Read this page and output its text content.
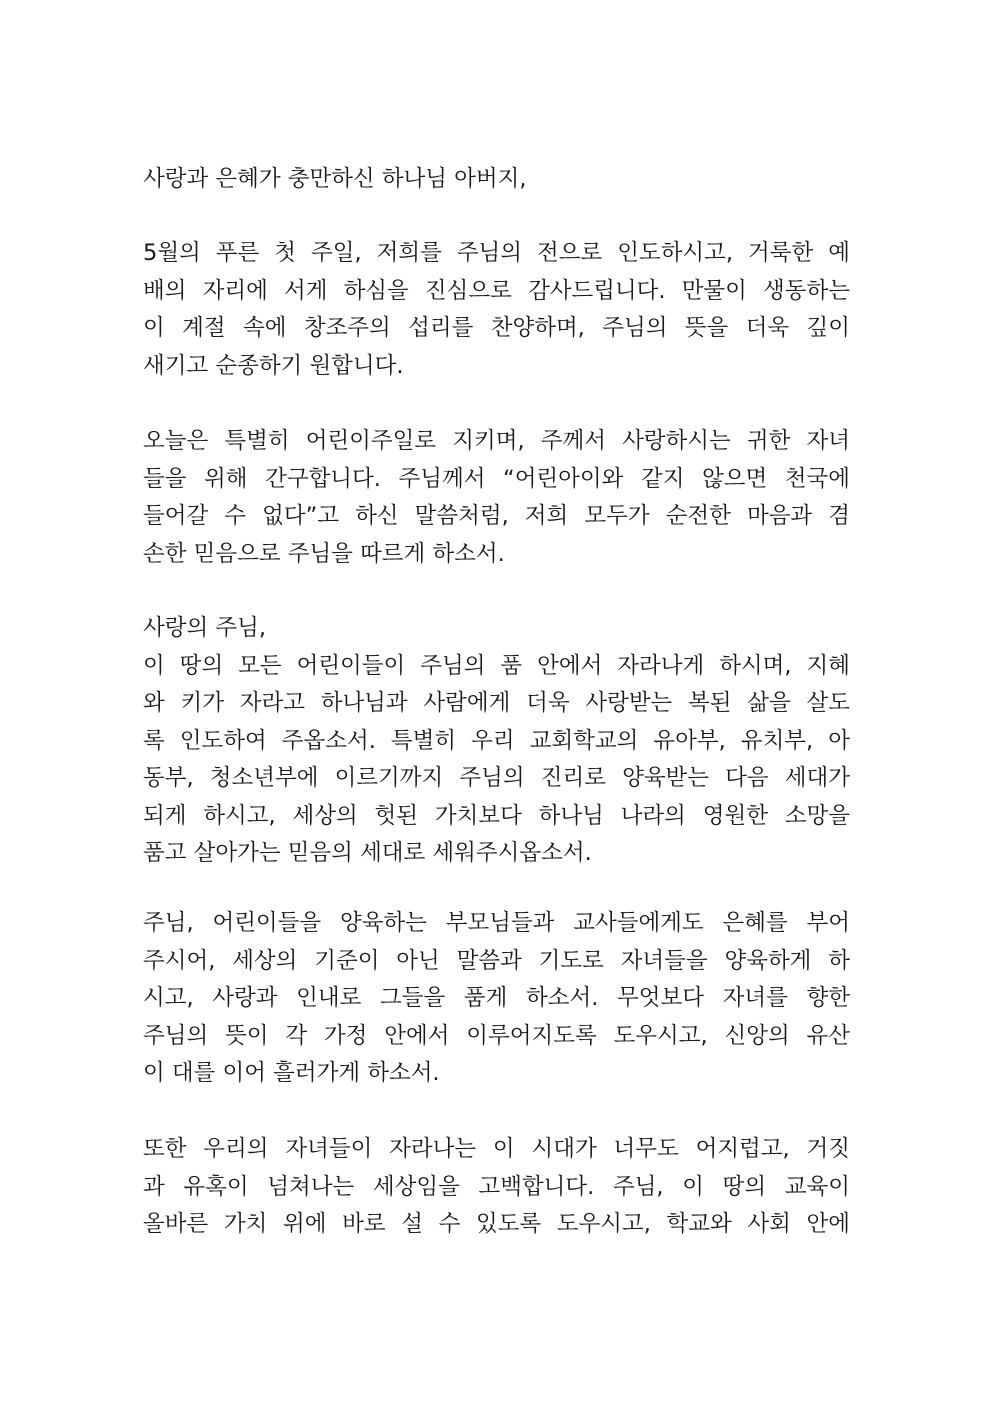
사랑과 은혜가 충만하신 하나님 아버지,
5월의 푸른 첫 주일, 저희를 주님의 전으로 인도하시고, 거룩한 예
배의 자리에 서게 하심을 진심으로 감사드립니다. 만물이 생동하는
이 계절 속에 창조주의 섭리를 찬양하며, 주님의 뜻을 더욱 깊이
새기고 순종하기 원합니다.
오늘은 특별히 어린이주일로 지키며, 주께서 사랑하시는 귀한 자녀
들을 위해 간구합니다. 주님께서 “어린아이와 같지 않으면 천국에
들어갈 수 없다”고 하신 말씀처럼, 저희 모두가 순전한 마음과 겸
손한 믿음으로 주님을 따르게 하소서.
사랑의 주님,
이 땅의 모든 어린이들이 주님의 품 안에서 자라나게 하시며, 지혜
와 키가 자라고 하나님과 사람에게 더욱 사랑받는 복된 삶을 살도
록 인도하여 주옵소서. 특별히 우리 교회학교의 유아부, 유치부, 아
동부, 청소년부에 이르기까지 주님의 진리로 양육받는 다음 세대가
되게 하시고, 세상의 헛된 가치보다 하나님 나라의 영원한 소망을
품고 살아가는 믿음의 세대로 세워주시옵소서.
주님, 어린이들을 양육하는 부모님들과 교사들에게도 은혜를 부어
주시어, 세상의 기준이 아닌 말씀과 기도로 자녀들을 양육하게 하
시고, 사랑과 인내로 그들을 품게 하소서. 무엇보다 자녀를 향한
주님의 뜻이 각 가정 안에서 이루어지도록 도우시고, 신앙의 유산
이 대를 이어 흘러가게 하소서.
또한 우리의 자녀들이 자라나는 이 시대가 너무도 어지럽고, 거짓
과 유혹이 넘쳐나는 세상임을 고백합니다. 주님, 이 땅의 교육이
올바른 가치 위에 바로 설 수 있도록 도우시고, 학교와 사회 안에
